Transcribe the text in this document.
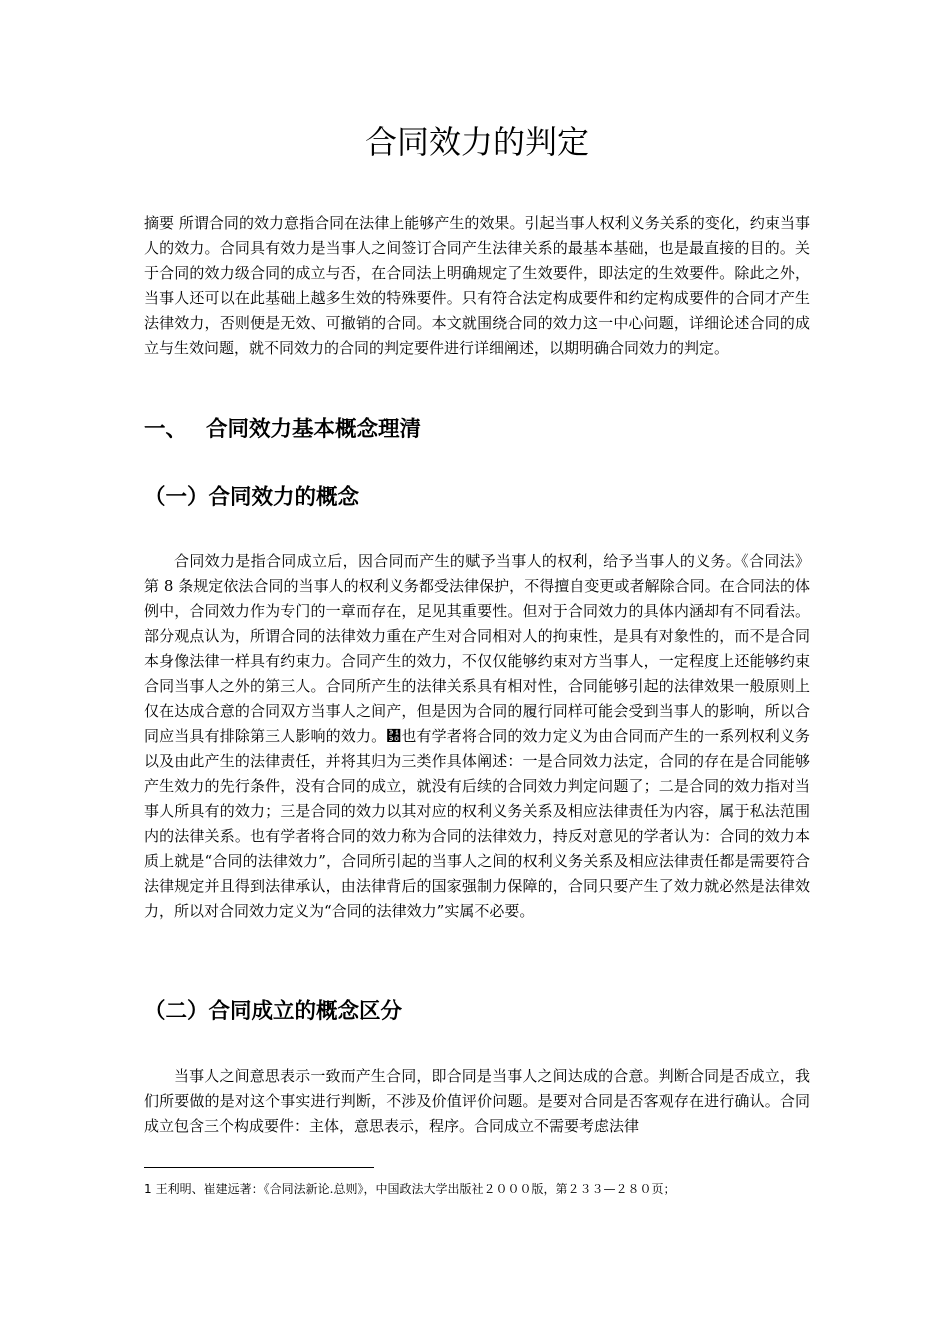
合同效力的判定

摘要 所谓合同的效力意指合同在法律上能够产生的效果。引起当事人权利义务关系的变化，约束当事人的效力。合同具有效力是当事人之间签订合同产生法律关系的最基本基础，也是最直接的目的。关于合同的效力级合同的成立与否，在合同法上明确规定了生效要件，即法定的生效要件。除此之外，当事人还可以在此基础上越多生效的特殊要件。只有符合法定构成要件和约定构成要件的合同才产生法律效力，否则便是无效、可撤销的合同。本文就围绕合同的效力这一中心问题，详细论述合同的成立与生效问题，就不同效力的合同的判定要件进行详细阐述，以期明确合同效力的判定。

一、 合同效力基本概念理清
（一）合同效力的概念

合同效力是指合同成立后，因合同而产生的赋予当事人的权利，给予当事人的义务。《合同法》第 8 条规定依法合同的当事人的权利义务都受法律保护，不得擅自变更或者解除合同。在合同法的体例中，合同效力作为专门的一章而存在，足见其重要性。但对于合同效力的具体内涵却有不同看法。部分观点认为，所谓合同的法律效力重在产生对合同相对人的拘束性，是具有对象性的，而不是合同本身像法律一样具有约束力。合同产生的效力，不仅仅能够约束对方当事人，一定程度上还能够约束合同当事人之外的第三人。合同所产生的法律关系具有相对性，合同能够引起的法律效果一般原则上仅在达成合意的合同双方当事人之间产，但是因为合同的履行同样可能会受到当事人的影响，所以合同应当具有排除第三人影响的效力。㄰也有学者将合同的效力定义为由合同而产生的一系列权利义务以及由此产生的法律责任，并将其归为三类作具体阐述：一是合同效力法定，合同的存在是合同能够产生效力的先行条件，没有合同的成立，就没有后续的合同效力判定问题了；二是合同的效力指对当事人所具有的效力；三是合同的效力以其对应的权利义务关系及相应法律责任为内容，属于私法范围内的法律关系。也有学者将合同的效力称为合同的法律效力，持反对意见的学者认为：合同的效力本质上就是“合同的法律效力”，合同所引起的当事人之间的权利义务关系及相应法律责任都是需要符合法律规定并且得到法律承认，由法律背后的国家强制力保障的，合同只要产生了效力就必然是法律效力，所以对合同效力定义为“合同的法律效力”实属不必要。

（二）合同成立的概念区分

当事人之间意思表示一致而产生合同，即合同是当事人之间达成的合意。判断合同是否成立，我们所要做的是对这个事实进行判断，不涉及价值评价问题。是要对合同是否客观存在进行确认。合同成立包含三个构成要件：主体，意思表示，程序。合同成立不需要考虑法律

1 王利明、崔建远著：《合同法新论.总则》，中国政法大学出版社２０００版，第２３３—２８０页；
